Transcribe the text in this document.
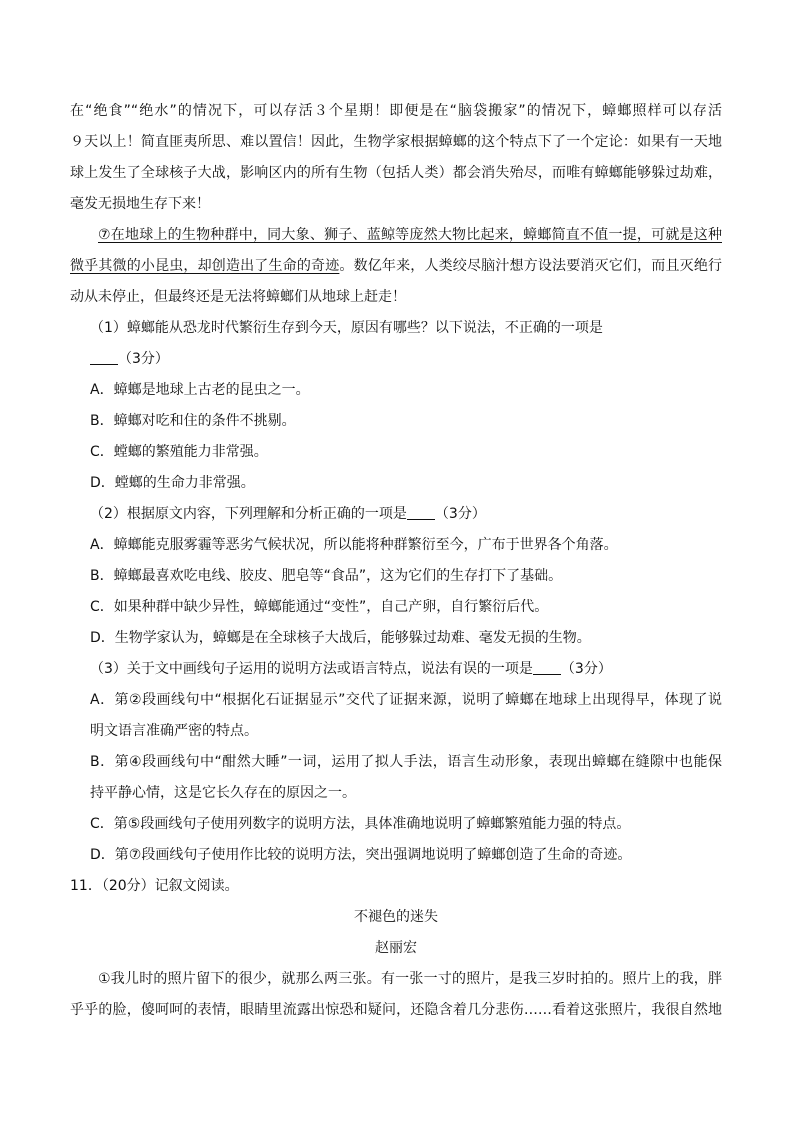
在“绝食”“绝水”的情况下，可以存活３个星期！即便是在“脑袋搬家”的情况下，蟑螂照样可以存活
９天以上！简直匪夷所思、难以置信！因此，生物学家根据蟑螂的这个特点下了一个定论：如果有一天地
球上发生了全球核子大战，影响区内的所有生物（包括人类）都会消失殆尽，而唯有蟑螂能够躲过劫难，
毫发无损地生存下来！
⑦在地球上的生物种群中，同大象、狮子、蓝鲸等庞然大物比起来，蟑螂简直不值一提，可就是这种
微乎其微的小昆虫，却创造出了生命的奇迹。数亿年来，人类绞尽脑汁想方设法要消灭它们，而且灭绝行
动从未停止，但最终还是无法将蟑螂们从地球上赶走！
（1）蟑螂能从恐龙时代繁衍生存到今天，原因有哪些？以下说法，不正确的一项是
（3分）
A．蟑螂是地球上古老的昆虫之一。
B．蟑螂对吃和住的条件不挑剔。
C．螳螂的繁殖能力非常强。
D．螳螂的生命力非常强。
（2）根据原文内容，下列理解和分析正确的一项是 （3分）
A．蟑螂能克服雾霾等恶劣气候状况，所以能将种群繁衍至今，广布于世界各个角落。
B．蟑螂最喜欢吃电线、胶皮、肥皂等“食品”，这为它们的生存打下了基础。
C．如果种群中缺少异性，蟑螂能通过“变性”，自己产卵，自行繁衍后代。
D．生物学家认为，蟑螂是在全球核子大战后，能够躲过劫难、毫发无损的生物。
（3）关于文中画线句子运用的说明方法或语言特点，说法有误的一项是 （3分）
A．第②段画线句中“根据化石证据显示”交代了证据来源，说明了蟑螂在地球上出现得早，体现了说
明文语言准确严密的特点。
B．第④段画线句中“酣然大睡”一词，运用了拟人手法，语言生动形象，表现出蟑螂在缝隙中也能保
持平静心情，这是它长久存在的原因之一。
C．第⑤段画线句子使用列数字的说明方法，具体准确地说明了蟑螂繁殖能力强的特点。
D．第⑦段画线句子使用作比较的说明方法，突出强调地说明了蟑螂创造了生命的奇迹。
11．（20分）记叙文阅读。
不褪色的迷失
赵丽宏
①我儿时的照片留下的很少，就那么两三张。有一张一寸的照片，是我三岁时拍的。照片上的我，胖
乎乎的脸，傻呵呵的表情，眼睛里流露出惊恐和疑问，还隐含着几分悲伤……看着这张照片，我很自然地
